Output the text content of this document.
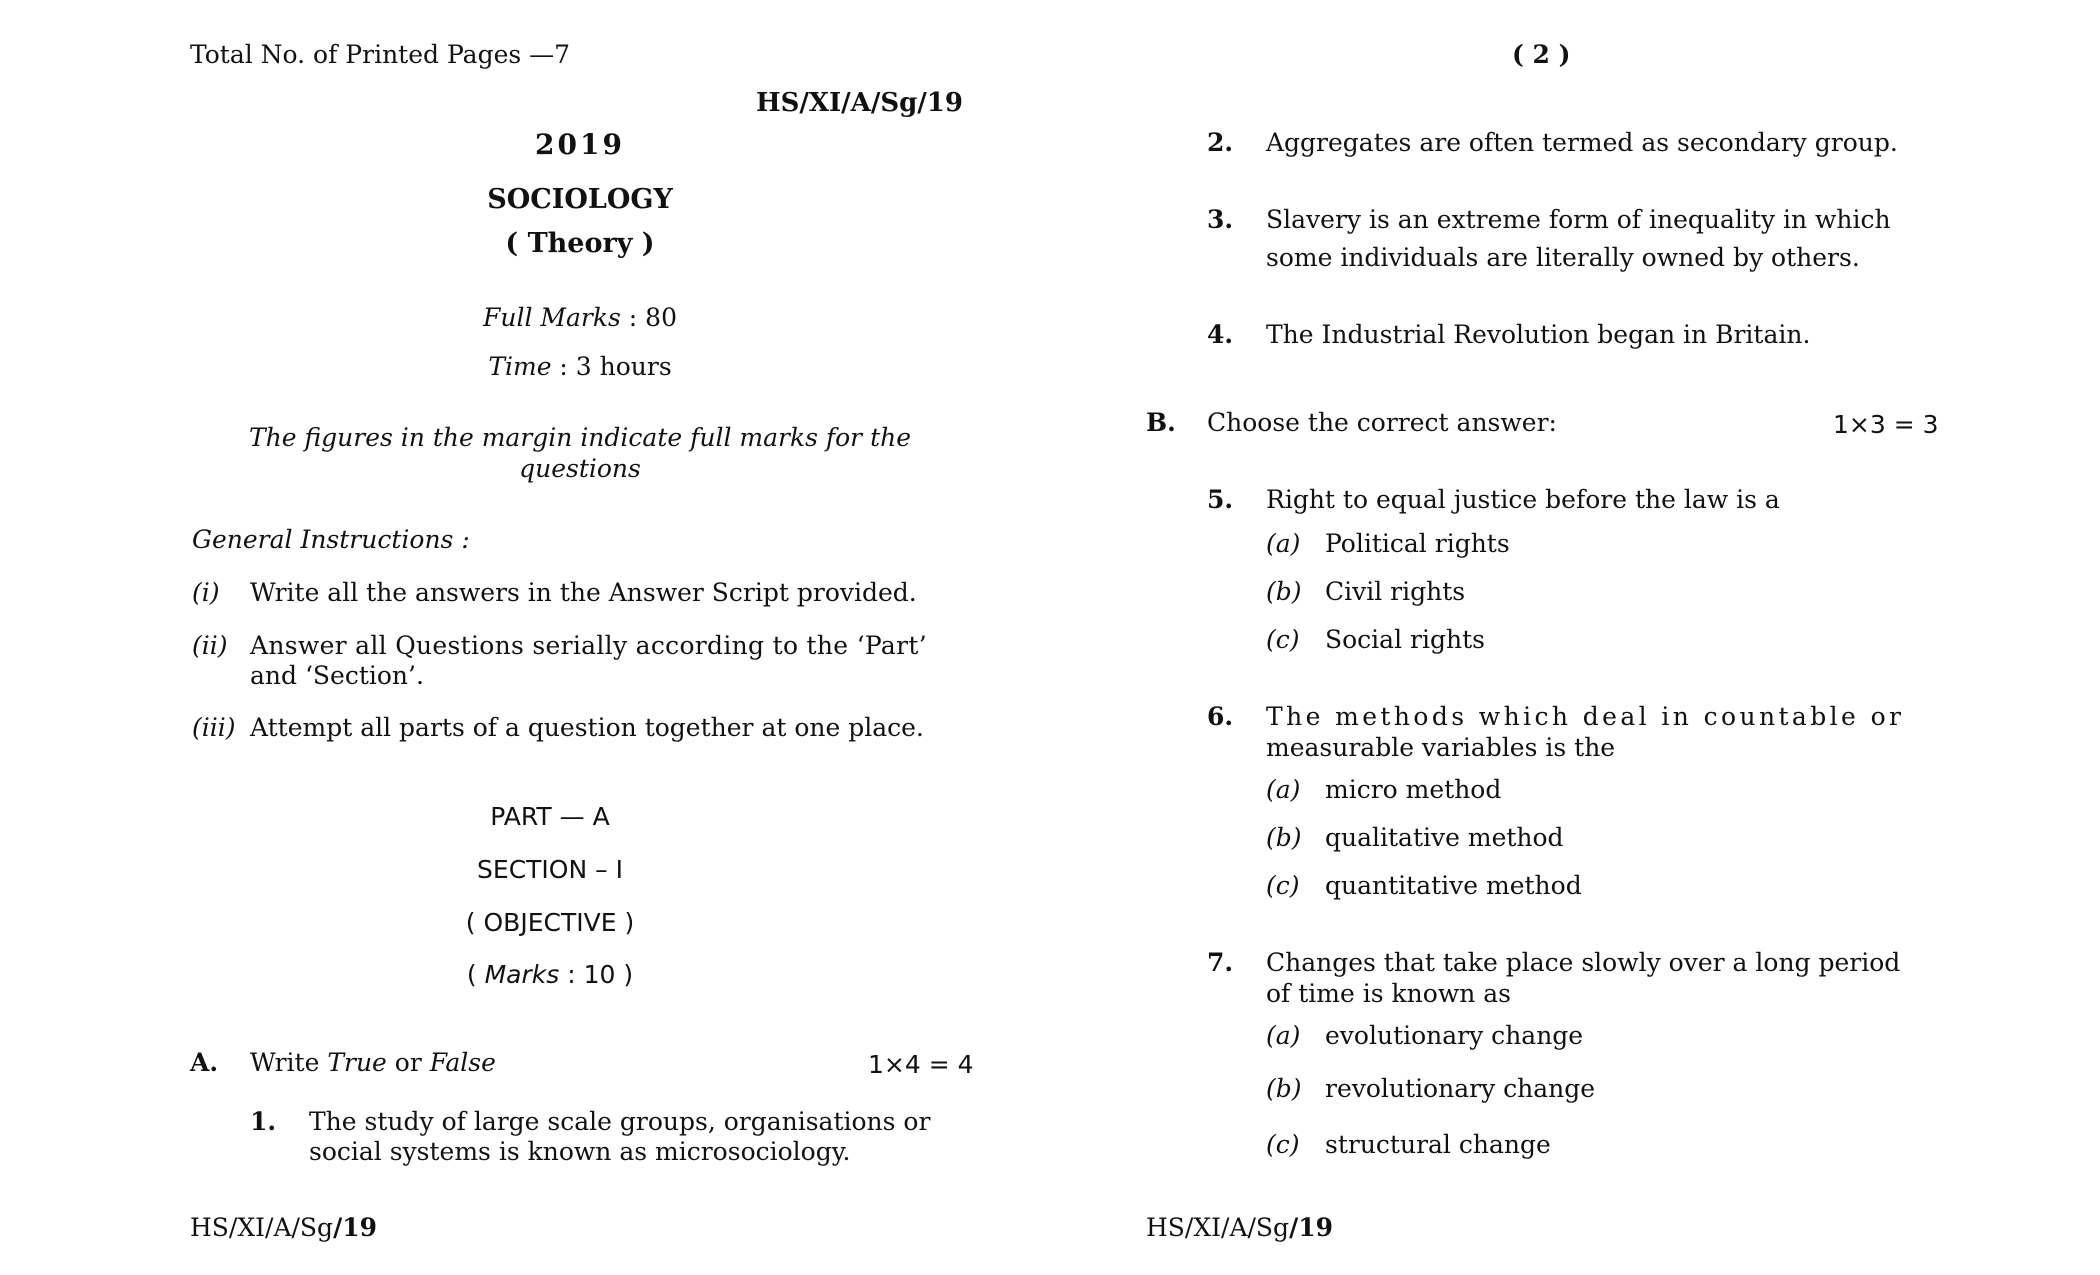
Total No. of Printed Pages —7
HS/XI/A/Sg/19
2019
SOCIOLOGY
( Theory )
Full Marks : 80
Time : 3 hours
The figures in the margin indicate full marks for the
questions
General Instructions :
(i) Write all the answers in the Answer Script provided.
(ii) Answer all Questions serially according to the ‘Part’
and ‘Section’.
(iii) Attempt all parts of a question together at one place.
PART — A
SECTION – I
( OBJECTIVE )
( Marks : 10 )
A. Write True or False	1×4 = 4
1. The study of large scale groups, organisations or
social systems is known as microsociology.
HS/XI/A/Sg/19
( 2 )
2. Aggregates are often termed as secondary group.
3. Slavery is an extreme form of inequality in which
some individuals are literally owned by others.
4. The Industrial Revolution began in Britain.
B. Choose the correct answer:	1×3 = 3
5. Right to equal justice before the law is a
(a) Political rights
(b) Civil rights
(c) Social rights
6. The methods which deal in countable or
measurable variables is the
(a) micro method
(b) qualitative method
(c) quantitative method
7. Changes that take place slowly over a long period
of time is known as
(a) evolutionary change
(b) revolutionary change
(c) structural change
HS/XI/A/Sg/19
